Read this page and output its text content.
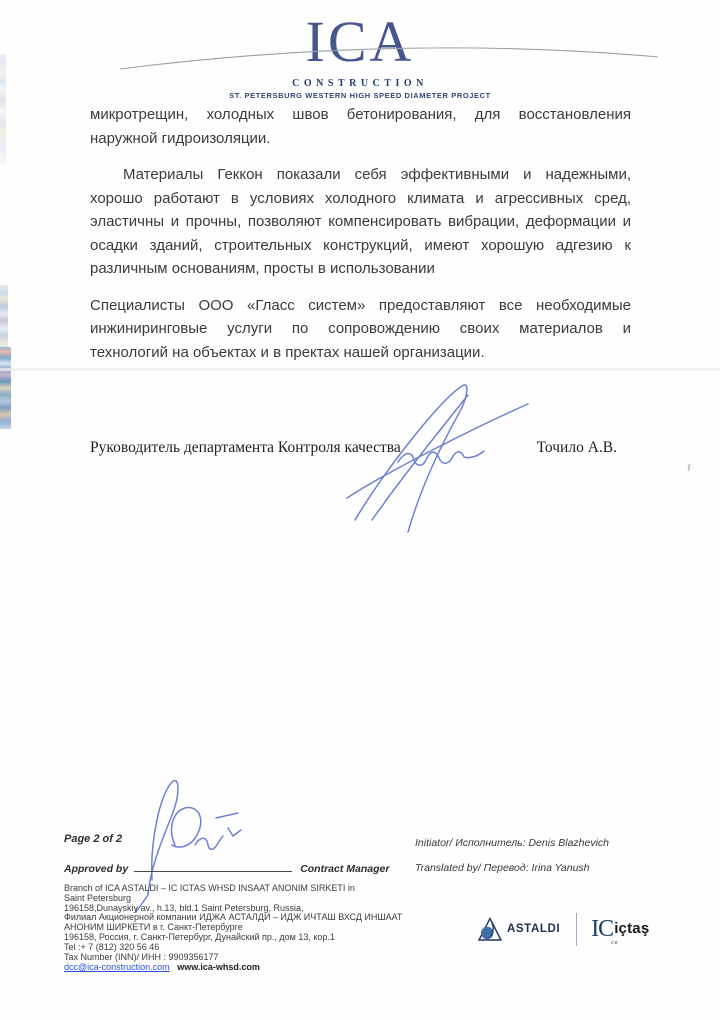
ICA
CONSTRUCTION
ST. PETERSBURG WESTERN HIGH SPEED DIAMETER PROJECT
микротрещин, холодных швов бетонирования, для восстановления
наружной гидроизоляции.
Материалы Геккон показали себя эффективными и надежными,
хорошо работают в условиях холодного климата и агрессивных сред,
эластичны и прочны, позволяют компенсировать вибрации, деформации и
осадки зданий, строительных конструкций, имеют хорошую адгезию к
различным основаниям, просты в использовании
Специалисты ООО «Гласс систем» предоставляют все необходимые
инжиниринговые услуги по сопровождению своих материалов и
технологий на объектах и в пректах нашей организации.
Руководитель департамента Контроля качества	Точило А.В.
Page 2 of 2
Approved by	Contract Manager
Initiator/ Исполнитель: Denis Blazhevich
Translated by/ Перевод: Irina Yanush
Branch of ICA ASTALDI – IC ICTAS WHSD INSAAT ANONIM SIRKETI in
Saint Petersburg
196158,Dunayskiy av., h.13, bld.1 Saint Petersburg, Russia,
Филиал Акционерной компании ИДЖА АСТАЛДИ – ИДЖ ИЧТАШ ВХСД ИНШААТ
АНОНИМ ШИРКЕТИ в г. Санкт-Петербурге
196158, Россия, г. Санкт-Петербург, Дунайский пр., дом 13, кор.1
Tel :+ 7 (812) 320 56 46
Tax Number (INN)/ ИНН : 9909356177
dcc@ica-construction.com www.ica-whsd.com
ASTALDI IC
ce
içtaş
